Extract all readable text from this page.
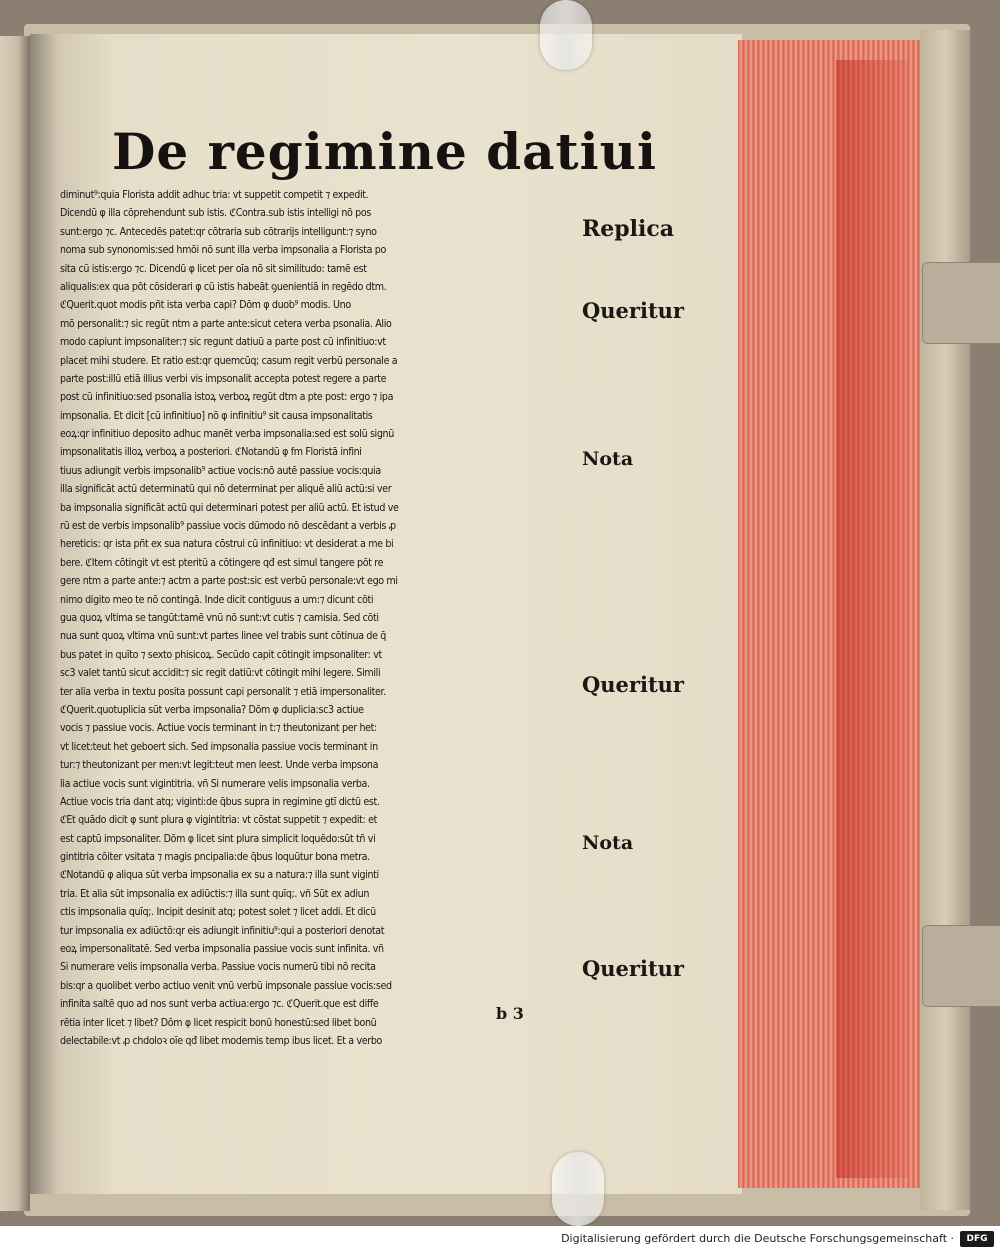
De regimine datiui
diminut⁹:quia Florista addit adhuc tria: vt suppetit competit ⁊ expedit.
Dicendū φ illa cōprehendunt sub istis. ℭContra.sub istis intelligi nō pos
sunt:ergo ⁊c. Antecedēs patet:qr cōtraria sub cōtrarijs intelligunt:⁊ syno
noma sub synonomis:sed hmōi nō sunt illa verba impsonalia a Florista po
sita cū istis:ergo ⁊c. Dicendū φ licet per oīa nō sit similitudo: tamē est
aliqualis:ex qua pōt cōsiderari φ cū istis habeāt ꝯuenientiā in regēdo dtm.
ℭQuerit.quot modis pñt ista verba capi? Dōm φ duob⁹ modis. Uno
mō personalit:⁊ sic regūt ntm a parte ante:sicut cetera verba psonalia. Alio
modo capiunt impsonaliter:⁊ sic regunt datiuū a parte post cū infinitiuo:vt
placet mihi studere. Et ratio est:qr quemcūq; casum regit verbū personale a
parte post:illū etiā illius verbi vis impsonalit accepta potest regere a parte
post cū infinitiuo:sed psonalia istoꝝ verboꝝ regūt dtm a pte post: ergo ⁊ ipa
impsonalia. Et dicit [cū infinitiuo] nō φ infinitiu⁹ sit causa impsonalitatis
eoꝝ:qr infinitiuo deposito adhuc manēt verba impsonalia:sed est solū signū
impsonalitatis illoꝝ verboꝝ a posteriori. ℭNotandū φ fm Floristā infini
tiuus adiungit verbis impsonalib⁹ actiue vocis:nō autē passiue vocis:quia
illa significāt actū determinatū qui nō determinat per aliquē aliū actū:si ver
ba impsonalia significāt actū qui determinari potest per aliū actū. Et istud ve
rū est de verbis impsonalib⁹ passiue vocis dūmodo nō descēdant a verbis ꝓ
hereticis: qr ista pñt ex sua natura cōstrui cū infinitiuo: vt desiderat a me bi
bere. ℭItem cōtingit vt est pteritū a cōtingere qđ est simul tangere pōt re
gere ntm a parte ante:⁊ actm a parte post:sic est verbū personale:vt ego mi
nimo digito meo te nō contingā. Inde dicit contiguus a um:⁊ dicunt cōti
gua quoꝝ vltima se tangūt:tamē vnū nō sunt:vt cutis ⁊ camisia. Sed cōti
nua sunt quoꝝ vltima vnū sunt:vt partes linee vel trabis sunt cōtinua de q̄
bus patet in quīto ⁊ sexto phisicoꝝ. Secūdo capit cōtingit impsonaliter: vt
sc3 valet tantū sicut accidit:⁊ sic regit datiū:vt cōtingit mihi legere. Simili
ter alia verba in textu posita possunt capi personalit ⁊ etiā impersonaliter.
ℭQuerit.quotuplicia sūt verba impsonalia? Dōm φ duplicia:sc3 actiue
vocis ⁊ passiue vocis. Actiue vocis terminant in t:⁊ theutonizant per het:
vt licet:teut het geboert sich. Sed impsonalia passiue vocis terminant in
tur:⁊ theutonizant per men:vt legit:teut men leest. Unde verba impsona
lia actiue vocis sunt vigintitria. vñ Si numerare velis impsonalia verba.
Actiue vocis tria dant atq; viginti:de q̄bus supra in regimine gtī dictū est.
ℭEt quādo dicit φ sunt plura φ vigintitria: vt cōstat suppetit ⁊ expedit: et
est captū impsonaliter. Dōm φ licet sint plura simplicit loquēdo:sūt tñ vi
gintitria cōiter vsitata ⁊ magis pncipalia:de q̄bus loquūtur bona metra.
ℭNotandū φ aliqua sūt verba impsonalia ex su a natura:⁊ illa sunt viginti
tria. Et alia sūt impsonalia ex adiūctis:⁊ illa sunt quīq;. vñ Sūt ex adiun
ctis impsonalia quīq;. Incipit desinit atq; potest solet ⁊ licet addi. Et dicū
tur impsonalia ex adiūctō:qr eis adiungit infinitiu⁹:qui a posteriori denotat
eoꝝ impersonalitatē. Sed verba impsonalia passiue vocis sunt infinita. vñ
Si numerare velis impsonalia verba. Passiue vocis numerū tibi nō recita
bis:qr a quolibet verbo actiuo venit vnū verbū impsonale passiue vocis:sed
infinita saltē quo ad nos sunt verba actiua:ergo ⁊c. ℭQuerit.que est diffe
rētia inter licet ⁊ libet? Dōm φ licet respicit bonū honestū:sed libet bonū
delectabile:vt ꝓ chdoloꝛ oīe qđ libet modernis temp ibus licet. Et a verbo
Replica
Queritur
Nota
Queritur
Nota
Queritur
b 3
Digitalisierung gefördert durch die Deutsche Forschungsgemeinschaft ·	DFG
